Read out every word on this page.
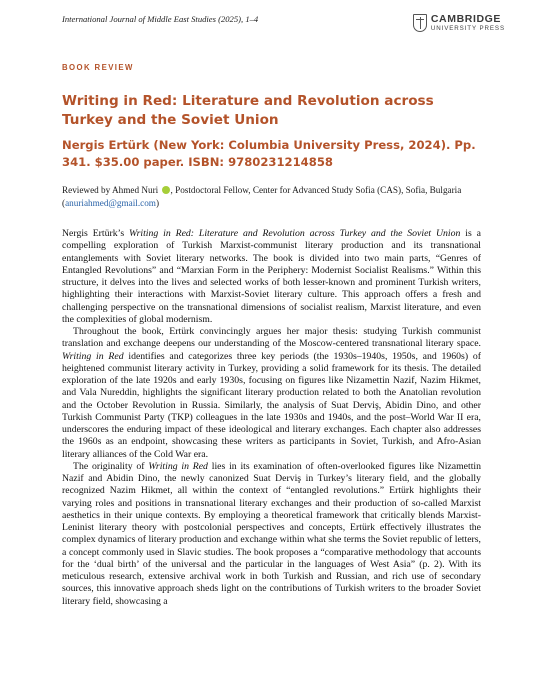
International Journal of Middle East Studies (2025), 1–4	CAMBRIDGE
UNIVERSITY PRESS
BOOK REVIEW
Writing in Red: Literature and Revolution across Turkey and the Soviet Union
Nergis Ertürk (New York: Columbia University Press, 2024). Pp. 341. $35.00 paper. ISBN: 9780231214858
Reviewed by Ahmed Nuri , Postdoctoral Fellow, Center for Advanced Study Sofia (CAS), Sofia, Bulgaria (anuriahmed@gmail.com)

Nergis Ertürk’s Writing in Red: Literature and Revolution across Turkey and the Soviet Union is a compelling exploration of Turkish Marxist-communist literary production and its transnational entanglements with Soviet literary networks. The book is divided into two main parts, “Genres of Entangled Revolutions” and “Marxian Form in the Periphery: Modernist Socialist Realisms.” Within this structure, it delves into the lives and selected works of both lesser-known and prominent Turkish writers, highlighting their interactions with Marxist-Soviet literary culture. This approach offers a fresh and challenging perspective on the transnational dimensions of socialist realism, Marxist literature, and even the complexities of global modernism.

Throughout the book, Ertürk convincingly argues her major thesis: studying Turkish communist translation and exchange deepens our understanding of the Moscow-centered transnational literary space. Writing in Red identifies and categorizes three key periods (the 1930s–1940s, 1950s, and 1960s) of heightened communist literary activity in Turkey, providing a solid framework for its thesis. The detailed exploration of the late 1920s and early 1930s, focusing on figures like Nizamettin Nazif, Nazim Hikmet, and Vala Nureddin, highlights the significant literary production related to both the Anatolian revolution and the October Revolution in Russia. Similarly, the analysis of Suat Derviş, Abidin Dino, and other Turkish Communist Party (TKP) colleagues in the late 1930s and 1940s, and the post–World War II era, underscores the enduring impact of these ideological and literary exchanges. Each chapter also addresses the 1960s as an endpoint, showcasing these writers as participants in Soviet, Turkish, and Afro-Asian literary alliances of the Cold War era.

The originality of Writing in Red lies in its examination of often-overlooked figures like Nizamettin Nazif and Abidin Dino, the newly canonized Suat Derviş in Turkey’s literary field, and the globally recognized Nazim Hikmet, all within the context of “entangled revolutions.” Ertürk highlights their varying roles and positions in transnational literary exchanges and their production of so-called Marxist aesthetics in their unique contexts. By employing a theoretical framework that critically blends Marxist-Leninist literary theory with postcolonial perspectives and concepts, Ertürk effectively illustrates the complex dynamics of literary production and exchange within what she terms the Soviet republic of letters, a concept commonly used in Slavic studies. The book proposes a “comparative methodology that accounts for the ‘dual birth’ of the universal and the particular in the languages of West Asia” (p. 2). With its meticulous research, extensive archival work in both Turkish and Russian, and rich use of secondary sources, this innovative approach sheds light on the contributions of Turkish writers to the broader Soviet literary field, showcasing a
